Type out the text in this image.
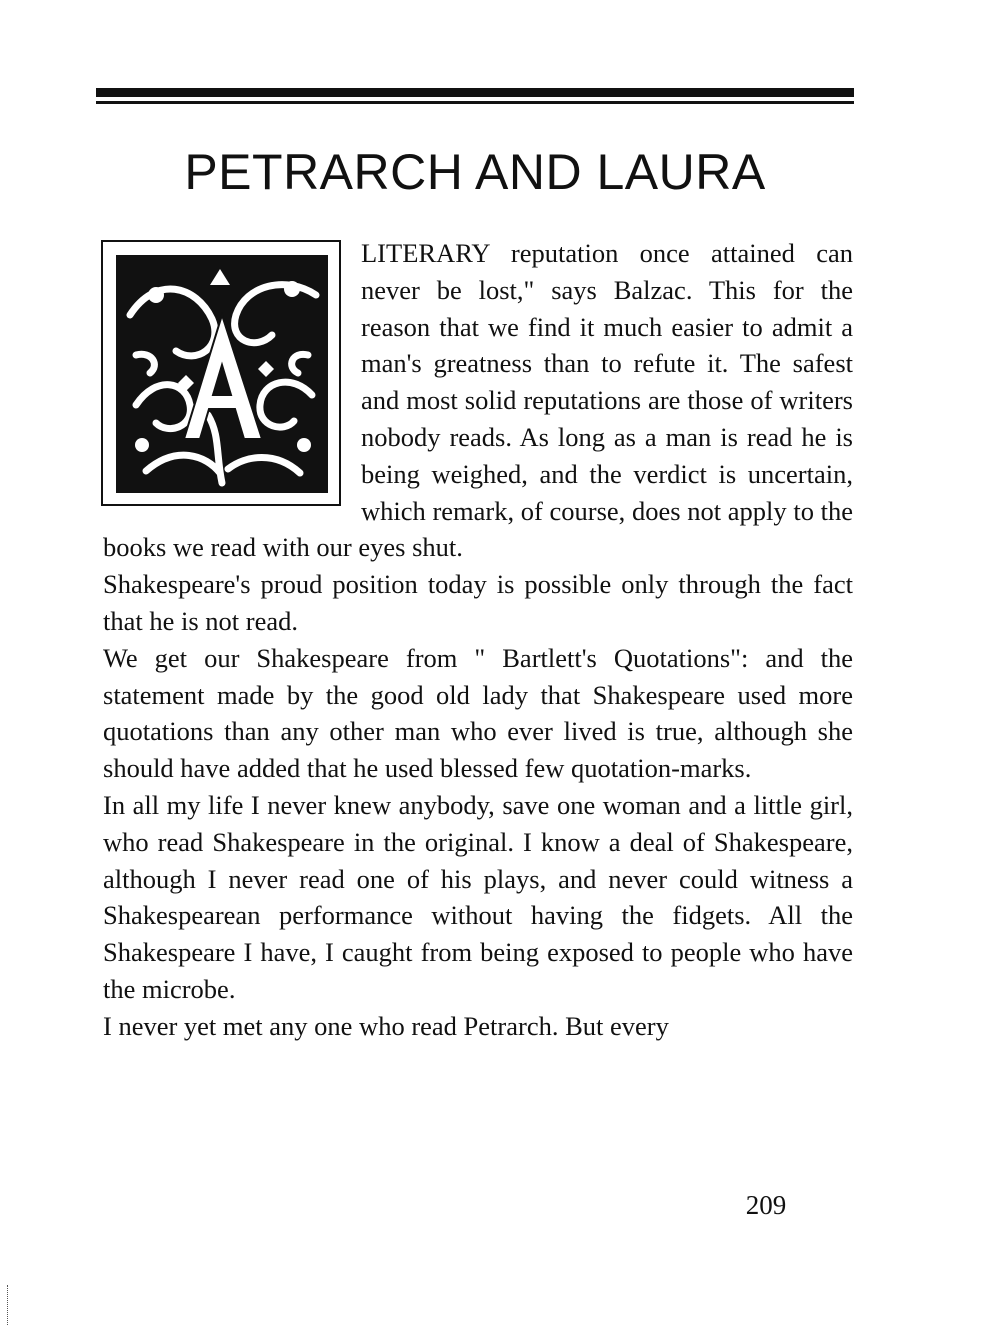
PETRARCH AND LAURA

LITERARY reputation once attained can never be lost," says Balzac. This for the reason that we find it much easier to admit a man's greatness than to refute it. The safest and most solid reputations are those of writers nobody reads. As long as a man is read he is being weighed, and the verdict is uncertain, which remark, of course, does not apply to the books we read with our eyes shut.

Shakespeare's proud position today is possible only through the fact that he is not read.

We get our Shakespeare from " Bartlett's Quotations": and the statement made by the good old lady that Shakespeare used more quotations than any other man who ever lived is true, although she should have added that he used blessed few quotation-marks.

In all my life I never knew anybody, save one woman and a little girl, who read Shakespeare in the original. I know a deal of Shakespeare, although I never read one of his plays, and never could witness a Shakespearean performance without having the fidgets. All the Shakespeare I have, I caught from being exposed to people who have the microbe.

I never yet met any one who read Petrarch. But every

209
